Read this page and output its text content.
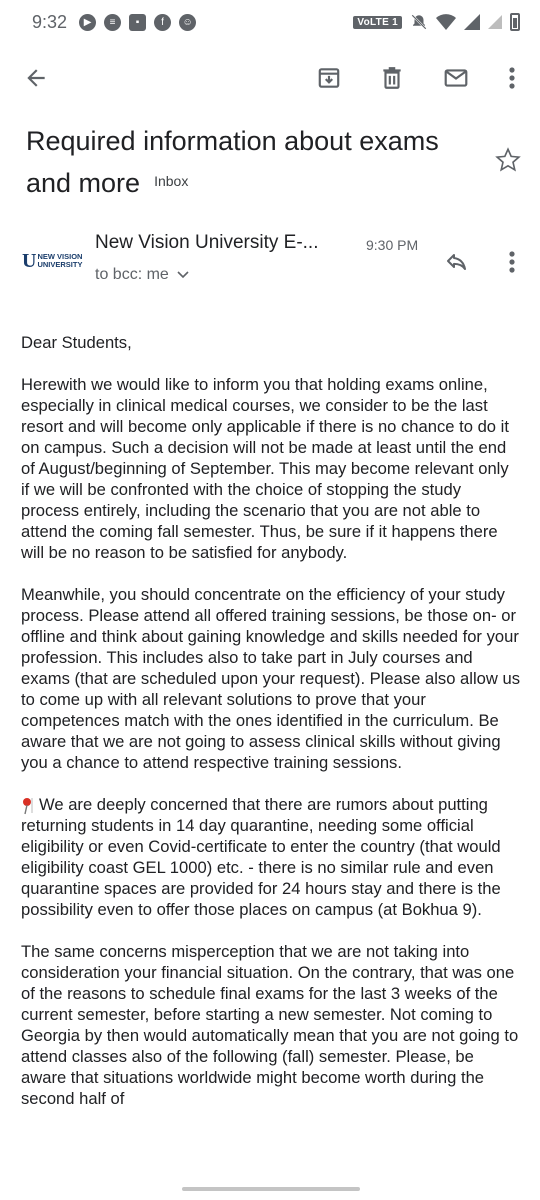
9:32	▶	≡	▪	f	☺	VoLTE 1
Required information about exams and more Inbox
U NEW VISION
UNIVERSITY
New Vision University E-...	9:30 PM
to bcc: me

Dear Students,

Herewith we would like to inform you that holding exams online, especially in clinical medical courses, we consider to be the last resort and will become only applicable if there is no chance to do it on campus. Such a decision will not be made at least until the end of August/beginning of September. This may become relevant only if we will be confronted with the choice of stopping the study process entirely, including the scenario that you are not able to attend the coming fall semester. Thus, be sure if it happens there will be no reason to be satisfied for anybody.

Meanwhile, you should concentrate on the efficiency of your study process. Please attend all offered training sessions, be those on- or offline and think about gaining knowledge and skills needed for your profession. This includes also to take part in July courses and exams (that are scheduled upon your request). Please also allow us to come up with all relevant solutions to prove that your competences match with the ones identified in the curriculum. Be aware that we are not going to assess clinical skills without giving you a chance to attend respective training sessions.

We are deeply concerned that there are rumors about putting returning students in 14 day quarantine, needing some official eligibility or even Covid-certificate to enter the country (that would eligibility coast GEL 1000) etc. - there is no similar rule and even quarantine spaces are provided for 24 hours stay and there is the possibility even to offer those places on campus (at Bokhua 9).

The same concerns misperception that we are not taking into consideration your financial situation. On the contrary, that was one of the reasons to schedule final exams for the last 3 weeks of the current semester, before starting a new semester. Not coming to Georgia by then would automatically mean that you are not going to attend classes also of the following (fall) semester. Please, be aware that situations worldwide might become worth during the second half of
